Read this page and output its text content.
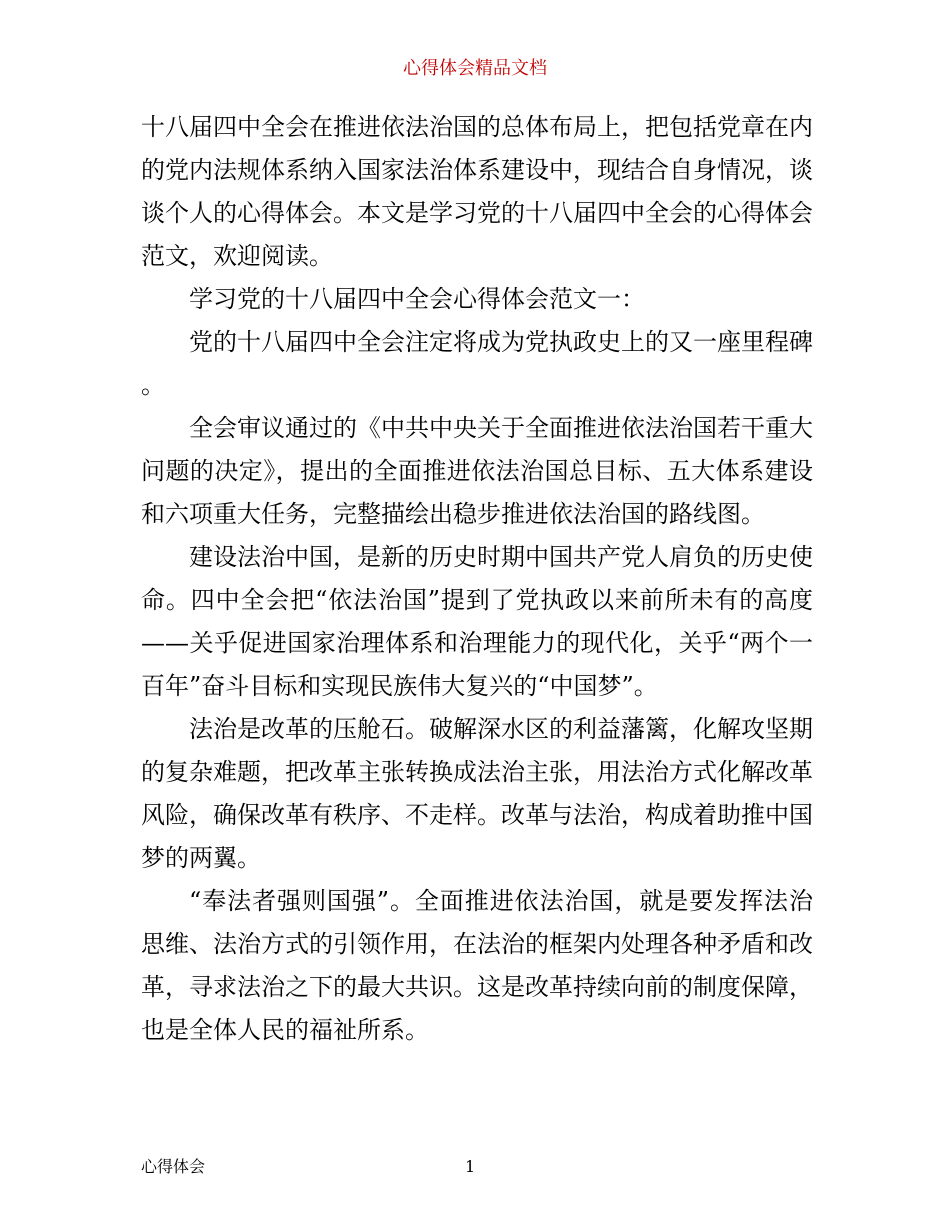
心得体会精品文档

十八届四中全会在推进依法治国的总体布局上，把包括党章在内的党内法规体系纳入国家法治体系建设中，现结合自身情况，谈谈个人的心得体会。本文是学习党的十八届四中全会的心得体会范文，欢迎阅读。

学习党的十八届四中全会心得体会范文一：

党的十八届四中全会注定将成为党执政史上的又一座里程碑。

全会审议通过的《中共中央关于全面推进依法治国若干重大问题的决定》，提出的全面推进依法治国总目标、五大体系建设和六项重大任务，完整描绘出稳步推进依法治国的路线图。

建设法治中国，是新的历史时期中国共产党人肩负的历史使命。四中全会把“依法治国”提到了党执政以来前所未有的高度——关乎促进国家治理体系和治理能力的现代化，关乎“两个一百年”奋斗目标和实现民族伟大复兴的“中国梦”。

法治是改革的压舱石。破解深水区的利益藩篱，化解攻坚期的复杂难题，把改革主张转换成法治主张，用法治方式化解改革风险，确保改革有秩序、不走样。改革与法治，构成着助推中国梦的两翼。

“奉法者强则国强”。全面推进依法治国，就是要发挥法治思维、法治方式的引领作用，在法治的框架内处理各种矛盾和改革，寻求法治之下的最大共识。这是改革持续向前的制度保障，也是全体人民的福祉所系。

心得体会	1
